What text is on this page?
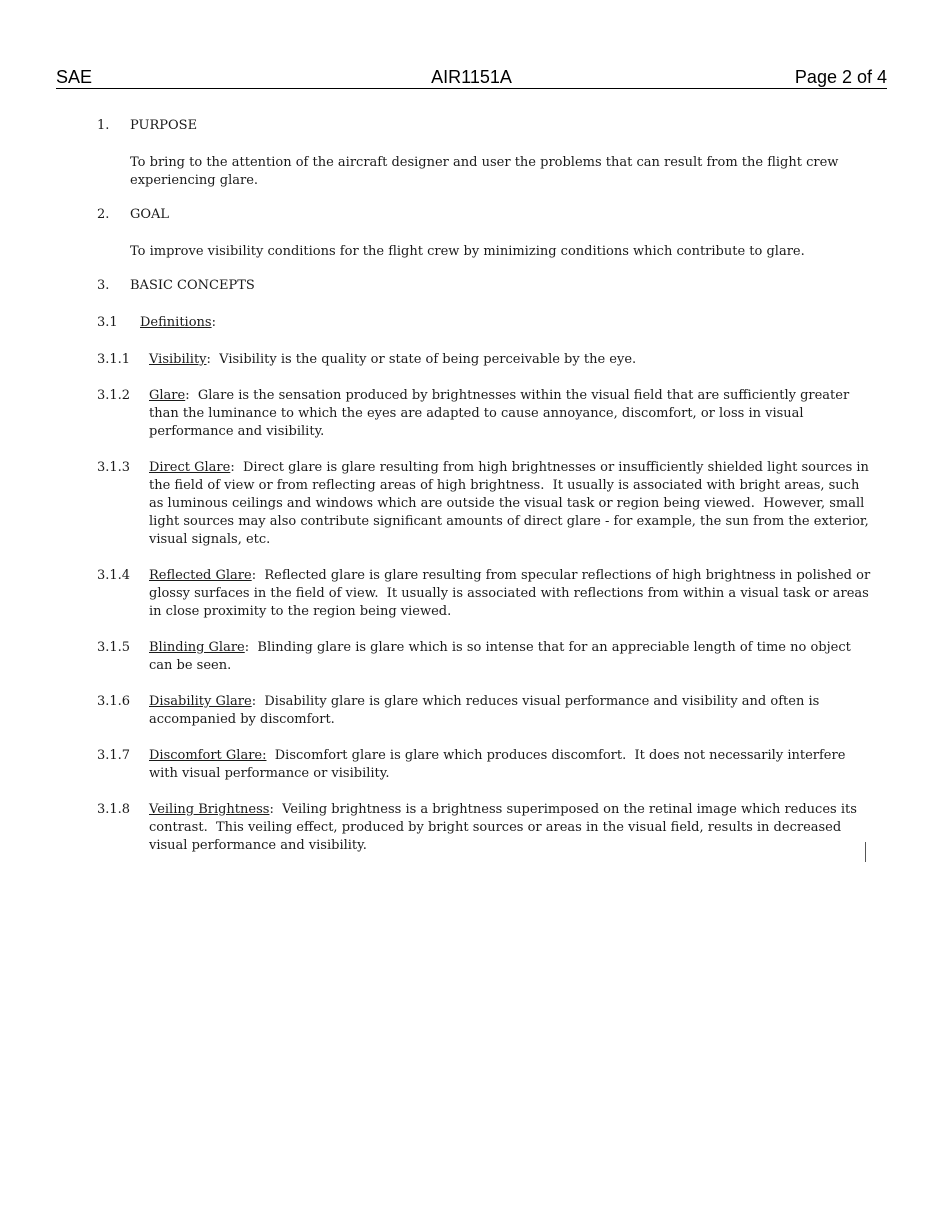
SAE	AIR1151A	Page 2 of 4
1. PURPOSE

To bring to the attention of the aircraft designer and user the problems that can result from the flight crew experiencing glare.

2. GOAL

To improve visibility conditions for the flight crew by minimizing conditions which contribute to glare.

3. BASIC CONCEPTS
3.1 Definitions:
3.1.1 Visibility:  Visibility is the quality or state of being perceivable by the eye.
3.1.2 Glare:  Glare is the sensation produced by brightnesses within the visual field that are sufficiently greater than the luminance to which the eyes are adapted to cause annoyance, discomfort, or loss in visual performance and visibility.
3.1.3 Direct Glare:  Direct glare is glare resulting from high brightnesses or insufficiently shielded light sources in the field of view or from reflecting areas of high brightness.  It usually is associated with bright areas, such as luminous ceilings and windows which are outside the visual task or region being viewed.  However, small light sources may also contribute significant amounts of direct glare - for example, the sun from the exterior, visual signals, etc.
3.1.4 Reflected Glare:  Reflected glare is glare resulting from specular reflections of high brightness in polished or glossy surfaces in the field of view.  It usually is associated with reflections from within a visual task or areas in close proximity to the region being viewed.
3.1.5 Blinding Glare:  Blinding glare is glare which is so intense that for an appreciable length of time no object can be seen.
3.1.6 Disability Glare:  Disability glare is glare which reduces visual performance and visibility and often is accompanied by discomfort.
3.1.7 Discomfort Glare:  Discomfort glare is glare which produces discomfort.  It does not necessarily interfere with visual performance or visibility.
3.1.8 Veiling Brightness:  Veiling brightness is a brightness superimposed on the retinal image which reduces its contrast.  This veiling effect, produced by bright sources or areas in the visual field, results in decreased visual performance and visibility.
